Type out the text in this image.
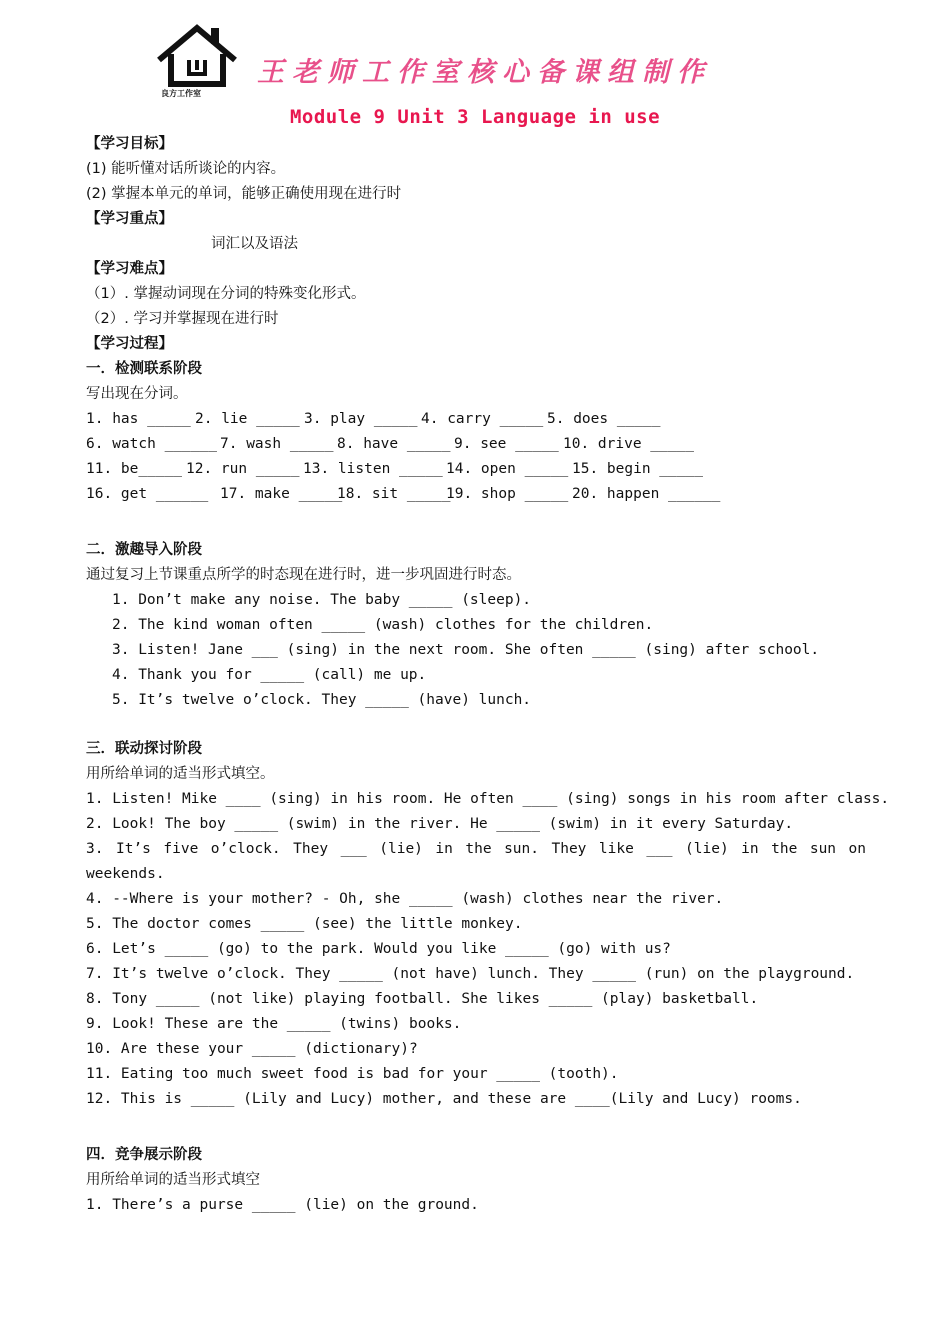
良方工作室
王老师工作室核心备课组制作
Module 9 Unit 3 Language in use
【学习目标】
(1) 能听懂对话所谈论的内容。
(2) 掌握本单元的单词，能够正确使用现在进行时
【学习重点】
词汇以及语法
【学习难点】
（1）. 掌握动词现在分词的特殊变化形式。
（2）. 学习并掌握现在进行时
【学习过程】
一．检测联系阶段
写出现在分词。
1. has _____ 2. lie _____ 3. play _____ 4. carry _____ 5. does _____
6. watch ______ 7. wash _____ 8. have _____ 9. see _____ 10. drive _____
11. be_____ 12. run _____ 13. listen _____ 14. open _____ 15. begin _____
16. get ______ 17. make _____
18. sit _____
19. shop _____ 20. happen ______
二．激趣导入阶段
通过复习上节课重点所学的时态现在进行时，进一步巩固进行时态。
1. Don’t make any noise. The baby _____ (sleep).
2. The kind woman often _____ (wash) clothes for the children.
3. Listen! Jane ___ (sing) in the next room. She often _____ (sing) after school.
4. Thank you for _____ (call) me up.
5. It’s twelve o’clock. They _____ (have) lunch.
三．联动探讨阶段
用所给单词的适当形式填空。
1. Listen! Mike ____ (sing) in his room. He often ____ (sing) songs in his room after class.
2. Look! The boy _____ (swim) in the river. He _____ (swim) in it every Saturday.
3. It’s five o’clock. They ___ (lie) in the sun. They like ___ (lie) in the sun on
weekends.
4. --Where is your mother? - Oh, she _____ (wash) clothes near the river.
5. The doctor comes _____ (see) the little monkey.
6. Let’s _____ (go) to the park. Would you like _____ (go) with us?
7. It’s twelve o’clock. They _____ (not have) lunch. They _____ (run) on the playground.
8. Tony _____ (not like) playing football. She likes _____ (play) basketball.
9. Look! These are the _____ (twins) books.
10. Are these your _____ (dictionary)?
11. Eating too much sweet food is bad for your _____ (tooth).
12. This is _____ (Lily and Lucy) mother, and these are ____(Lily and Lucy) rooms.
四．竞争展示阶段
用所给单词的适当形式填空
1. There’s a purse _____ (lie) on the ground.
